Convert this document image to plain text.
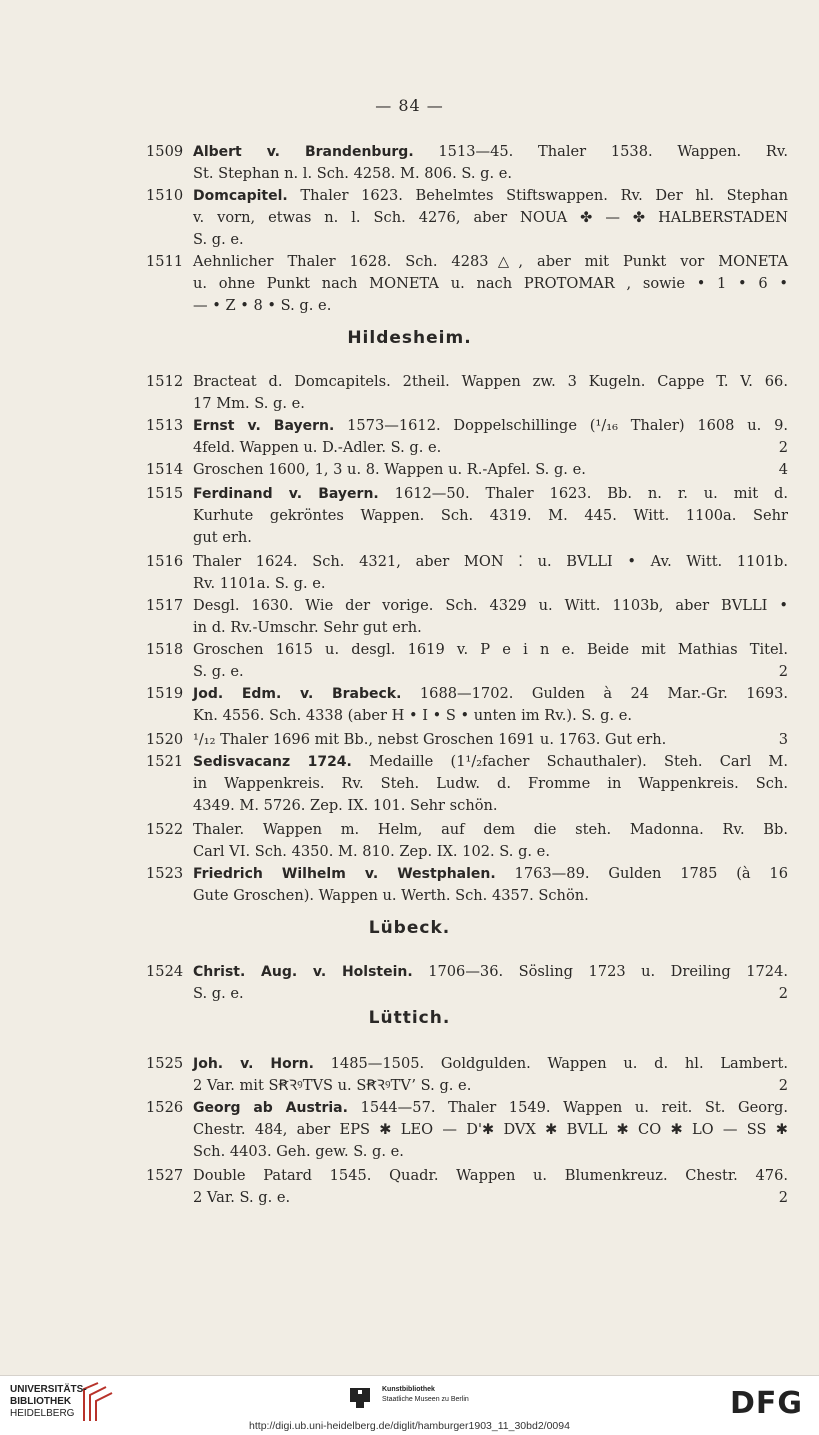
— 84 —
1509 Albert v. Brandenburg. 1513—45. Thaler 1538. Wappen. Rv.
St. Stephan n. l. Sch. 4258. M. 806. S. g. e.
1510 Domcapitel. Thaler 1623. Behelmtes Stiftswappen. Rv. Der hl. Stephan
v. vorn, etwas n. l. Sch. 4276, aber NOUA ✤ — ✤ HALBERSTADEN
S. g. e.
1511 Aehnlicher Thaler 1628. Sch. 4283△, aber mit Punkt vor MONETA
u. ohne Punkt nach MONETA u. nach PROTOMAR , sowie • 1 • 6 •
— • Z • 8 • S. g. e.
1512 Bracteat d. Domcapitels. 2theil. Wappen zw. 3 Kugeln. Cappe T. V. 66.
17 Mm. S. g. e.
1513 Ernst v. Bayern. 1573—1612. Doppelschillinge (¹/₁₆ Thaler) 1608 u. 9.
4feld. Wappen u. D.-Adler. S. g. e.	2
1514 Groschen 1600, 1, 3 u. 8. Wappen u. R.-Apfel. S. g. e.	4
1515 Ferdinand v. Bayern. 1612—50. Thaler 1623. Bb. n. r. u. mit d.
Kurhute gekröntes Wappen. Sch. 4319. M. 445. Witt. 1100a. Sehr
gut erh.
1516 Thaler 1624. Sch. 4321, aber MON ⁚ u. BVLLI • Av. Witt. 1101b.
Rv. 1101a. S. g. e.
1517 Desgl. 1630. Wie der vorige. Sch. 4329 u. Witt. 1103b, aber BVLLI •
in d. Rv.-Umschr. Sehr gut erh.
1518 Groschen 1615 u. desgl. 1619 v. P e i n e. Beide mit Mathias Titel.
S. g. e.	2
1519 Jod. Edm. v. Brabeck. 1688—1702. Gulden à 24 Mar.-Gr. 1693.
Kn. 4556. Sch. 4338 (aber H • I • S • unten im Rv.). S. g. e.
1520 ¹/₁₂ Thaler 1696 mit Bb., nebst Groschen 1691 u. 1763. Gut erh.	3
1521 Sedisvacanz 1724. Medaille (1¹/₂facher Schauthaler). Steh. Carl M.
in Wappenkreis. Rv. Steh. Ludw. d. Fromme in Wappenkreis. Sch.
4349. M. 5726. Zep. IX. 101. Sehr schön.
1522 Thaler. Wappen m. Helm, auf dem die steh. Madonna. Rv. Bb.
Carl VI. Sch. 4350. M. 810. Zep. IX. 102. S. g. e.
1523 Friedrich Wilhelm v. Westphalen. 1763—89. Gulden 1785 (à 16
Gute Groschen). Wappen u. Werth. Sch. 4357. Schön.
1524 Christ. Aug. v. Holstein. 1706—36. Sösling 1723 u. Dreiling 1724.
S. g. e.	2
1525 Joh. v. Horn. 1485—1505. Goldgulden. Wappen u. d. hl. Lambert.
2 Var. mit SꞦꝚꝰTVS u. SꞦꝚꝰTV’ S. g. e.	2
1526 Georg ab Austria. 1544—57. Thaler 1549. Wappen u. reit. St. Georg.
Chestr. 484, aber EPS ✱ LEO — D'✱ DVX ✱ BVLL ✱ CO ✱ LO — SS ✱
Sch. 4403. Geh. gew. S. g. e.
1527 Double Patard 1545. Quadr. Wappen u. Blumenkreuz. Chestr. 476.
2 Var. S. g. e.	2
Hildesheim.
Lübeck.
Lüttich.
UNIVERSITÄTS-
BIBLIOTHEK
HEIDELBERG
Kunstbibliothek
Staatliche Museen zu Berlin	DFG
http://digi.ub.uni-heidelberg.de/diglit/hamburger1903_11_30bd2/0094
